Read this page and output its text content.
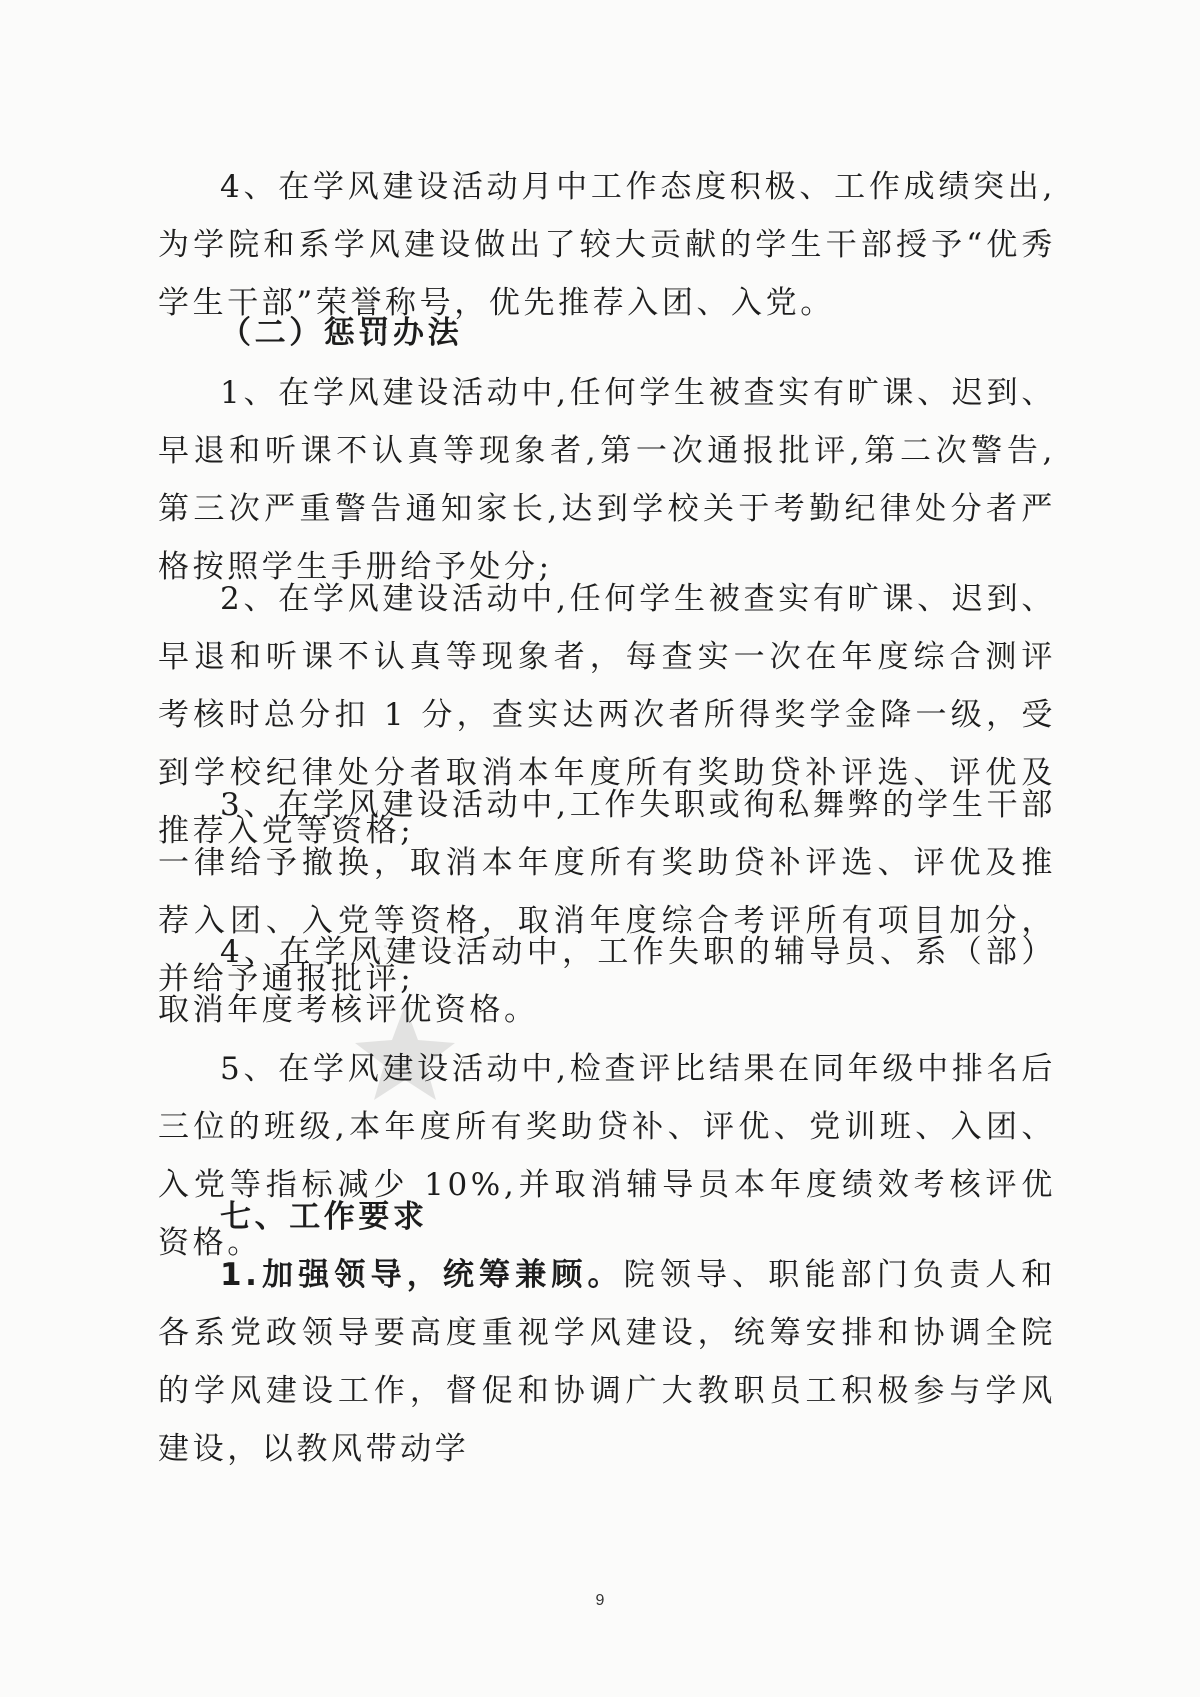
4、在学风建设活动月中工作态度积极、工作成绩突出,为学院和系学风建设做出了较大贡献的学生干部授予“优秀学生干部”荣誉称号，优先推荐入团、入党。

（二）惩罚办法

1、在学风建设活动中,任何学生被查实有旷课、迟到、早退和听课不认真等现象者,第一次通报批评,第二次警告,第三次严重警告通知家长,达到学校关于考勤纪律处分者严格按照学生手册给予处分;

2、在学风建设活动中,任何学生被查实有旷课、迟到、早退和听课不认真等现象者，每查实一次在年度综合测评考核时总分扣 1 分，查实达两次者所得奖学金降一级，受到学校纪律处分者取消本年度所有奖助贷补评选、评优及推荐入党等资格;

3、在学风建设活动中,工作失职或徇私舞弊的学生干部一律给予撤换，取消本年度所有奖助贷补评选、评优及推荐入团、入党等资格，取消年度综合考评所有项目加分，并给予通报批评;

4、在学风建设活动中，工作失职的辅导员、系（部）取消年度考核评优资格。

5、在学风建设活动中,检查评比结果在同年级中排名后三位的班级,本年度所有奖助贷补、评优、党训班、入团、入党等指标减少 10%,并取消辅导员本年度绩效考核评优资格。

七、工作要求

1.加强领导，统筹兼顾。院领导、职能部门负责人和各系党政领导要高度重视学风建设，统筹安排和协调全院的学风建设工作，督促和协调广大教职员工积极参与学风建设，以教风带动学

9
